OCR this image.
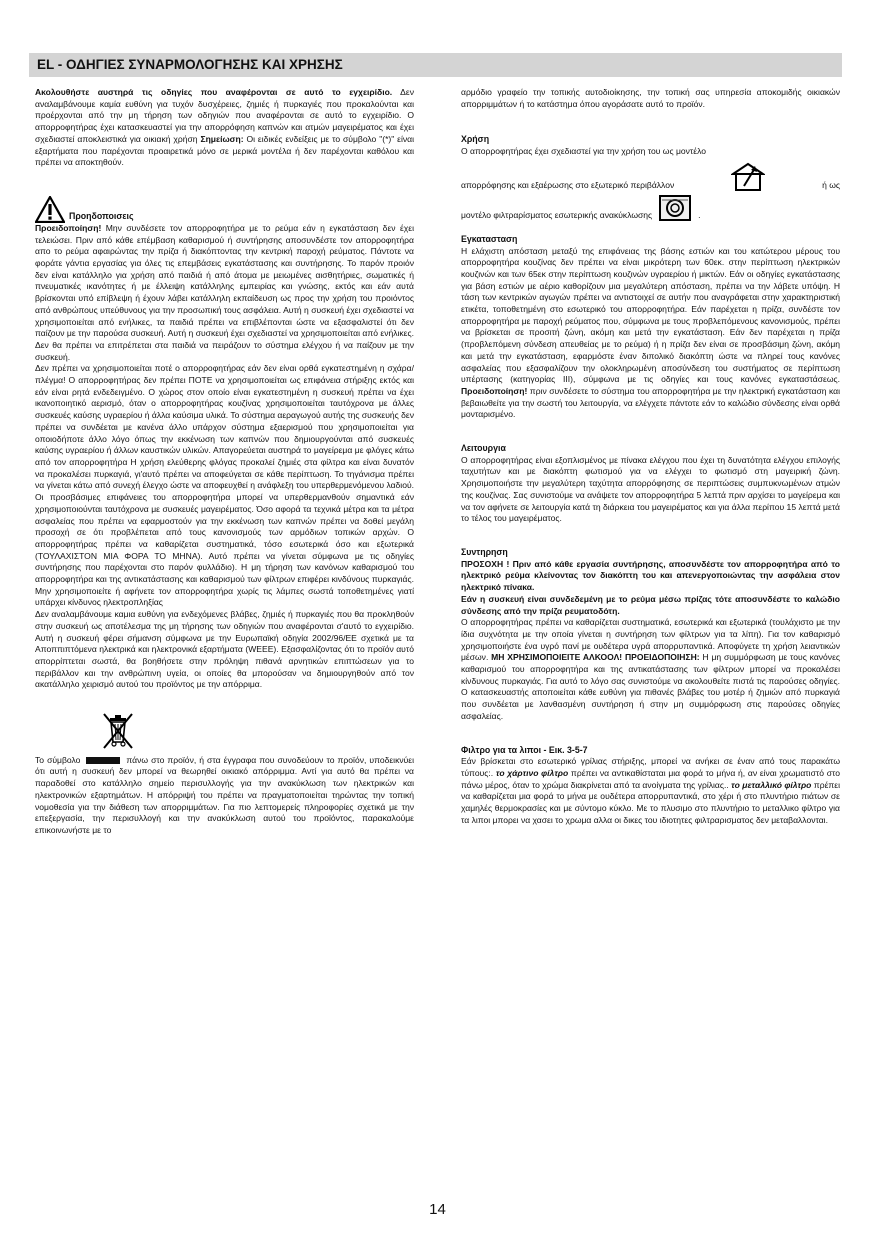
EL - ΟΔΗΓΙΕΣ ΣΥΝΑΡΜΟΛΟΓΗΣΗΣ ΚΑΙ ΧΡΗΣΗΣ

Ακολουθήστε αυστηρά τις οδηγίες που αναφέρονται σε αυτό το εγχειρίδιο. Δεν αναλαμβάνουμε καμία ευθύνη για τυχόν δυσχέρειες, ζημιές ή πυρκαγιές που προκαλούνται και προέρχονται από την μη τήρηση των οδηγιών που αναφέρονται σε αυτό το εγχειρίδιο. Ο απορροφητήρας έχει κατασκευαστεί για την απορρόφηση καπνών και ατμών μαγειρέματος και έχει σχεδιαστεί αποκλειστικά για οικιακή χρήση Σημείωση: Οι ειδικές ενδείξεις με το σύμβολο "(*)" είναι εξαρτήματα που παρέχονται προαιρετικά μόνο σε μερικά μοντέλα ή δεν παρέχονται καθόλου και πρέπει να αποκτηθούν.

Προηδοποισεις

Προειδοποίηση! Μην συνδέσετε τον απορροφητήρα με το ρεύμα εάν η εγκατάσταση δεν έχει τελειώσει. Πριν από κάθε επέμβαση καθαρισμού ή συντήρησης αποσυνδέστε τον απορροφητήρα απο το ρεύμα αφαιρώντας την πρίζα ή διακόπτοντας την κεντρική παροχή ρεύματος. Πάντοτε να φοράτε γάντια εργασίας για όλες τις επεμβάσεις εγκατάστασης και συντήρησης. Το παρόν προιόν δεν είναι κατάλληλο για χρήση από παιδιά ή από άτομα με μειωμένες αισθητήριες, σωματικές ή πνευματικές ικανότητες ή με έλλειψη κατάλληλης εμπειρίας και γνώσης, εκτός και εάν αυτά βρίσκονται υπό επίβλεψη ή έχουν λάβει κατάλληλη εκπαίδευση ως προς την χρήση του προιόντος από ανθρώπους υπεύθυνους για την προσωπική τους ασφάλεια. Αυτή η συσκευή έχει σχεδιαστεί να χρησιμοποιείται από ενήλικες, τα παιδιά πρέπει να επιβλέπονται ώστε να εξασφαλιστεί ότι δεν παίζουν με την παρούσα συσκευή. Αυτή η συσκευή έχει σχεδιαστεί να χρησιμοποιείται από ενήλικες. Δεν θα πρέπει να επιτρέπεται στα παιδιά να πειράζουν το σύστημα ελέγχου ή να παίζουν με την συσκευή.

Δεν πρέπει να χρησιμοποιείται ποτέ ο απορροφητήρας εάν δεν είναι ορθά εγκατεστημένη η σχάρα/πλέγμα! Ο απορροφητήρας δεν πρέπει ΠΟΤΕ να χρησιμοποιείται ως επιφάνεια στήριξης εκτός και εάν είναι ρητά ενδεδειγμένο. Ο χώρος στον οποίο είναι εγκατεστημένη η συσκευή πρέπει να έχει ικανοποιητικό αερισμό, όταν ο απορροφητήρας κουζίνας χρησιμοποιείται ταυτόχρονα με άλλες συσκευές καύσης υγραερίου ή άλλα καύσιμα υλικά. Το σύστημα αεραγωγού αυτής της συσκευής δεν πρέπει να συνδέεται με κανένα άλλο υπάρχον σύστημα εξαερισμού που χρησιμοποιείται για οποιοδήποτε άλλο λόγο όπως την εκκένωση των καπνών που δημιουργούνται από συσκευές καύσης υγραερίου ή άλλων καυστικών υλικών. Απαγορεύεται αυστηρά το μαγείρεμα με φλόγες κάτω από τον απορροφητήρα Η χρήση ελεύθερης φλόγας προκαλεί ζημιές στα φίλτρα και είναι δυνατόν να προκαλέσει πυρκαγιά, γι'αυτό πρέπει να αποφεύγεται σε κάθε περίπτωση. Το τηγάνισμα πρέπει να γίνεται κάτω από συνεχή έλεγχο ώστε να αποφευχθεί η ανάφλεξη του υπερθερμενόμενου λαδιού. Οι προσβάσιμες επιφάνειες του απορροφητήρα μπορεί να υπερθερμανθούν σημαντικά εάν χρησιμοποιούνται ταυτόχρονα με συσκευές μαγειρέματος. Όσο αφορά τα τεχνικά μέτρα και τα μέτρα ασφαλείας που πρέπει να εφαρμοστούν για την εκκένωση των καπνών πρέπει να δοθεί μεγάλη προσοχή σε ότι προβλέπεται από τους κανονισμούς των αρμόδιων τοπικών αρχών. Ο απορροφητήρας πρέπει να καθαρίζεται συστηματικά, τόσο εσωτερικά όσο και εξωτερικά (ΤΟΥΛΑΧΙΣΤΟΝ ΜΙΑ ΦΟΡΑ ΤΟ ΜΗΝΑ). Αυτό πρέπει να γίνεται σύμφωνα με τις οδηγίες συντήρησης που παρέχονται στο παρόν φυλλάδιο). Η μη τήρηση των κανόνων καθαρισμού του απορροφητήρα και της αντικατάστασης και καθαρισμού των φίλτρων επιφέρει κινδύνους πυρκαγιάς. Μην χρησιμοποιείτε ή αφήνετε τον απορροφητήρα χωρίς τις λάμπες σωστά τοποθετημένες γιατί υπάρχει κίνδυνος ηλεκτροπληξίας

Δεν αναλαμβάνουμε καμια ευθύνη για ενδεχόμενες βλάβες, ζημιές ή πυρκαγιές που θα προκληθούν στην συσκευή ως αποτέλεσμα της μη τήρησης των οδηγιών που αναφέρονται σ'αυτό το εγχειρίδιο. Αυτή η συσκευή φέρει σήμανση σύμφωνα με την Ευρωπαϊκή οδηγία 2002/96/ΕΕ σχετικά με τα Αποππιπτόμενα ηλεκτρικά και ηλεκτρονικά εξαρτήματα (WEEE). Εξασφαλίζοντας ότι το προϊόν αυτό απορρίπτεται σωστά, θα βοηθήσετε στην πρόληψη πιθανά αρνητικών επιπτώσεων για το περιβάλλον και την ανθρώπινη υγεία, οι οποίες θα μπορούσαν να δημιουργηθούν από τον ακατάλληλο χειρισμό αυτού του προϊόντος με την απόρριμα.

Το σύμβολο	πάνω στο προϊόν, ή στα έγγραφα που συνοδεύουν το προϊόν, υποδεικνύει ότι αυτή η συσκευή δεν μπορεί να θεωρηθεί οικιακό απόρριμμα. Αντί για αυτό θα πρέπει να παραδοθεί στο κατάλληλο σημείο περισυλλογής για την ανακύκλωση των ηλεκτρικών και ηλεκτρονικών εξαρτημάτων. Η απόρριψή του πρέπει να πραγματοποιείται τηρώντας την τοπική νομοθεσία για την διάθεση των απορριμμάτων. Για πιο λεπτομερείς πληροφορίες σχετικά με την επεξεργασία, την περισυλλογή και την ανακύκλωση αυτού του προϊόντος, παρακαλούμε επικοινωνήστε με το

αρμόδιο γραφείο την τοπικής αυτοδιοίκησης, την τοπική σας υπηρεσία αποκομιδής οικιακών απορριμμάτων ή το κατάστημα όπου αγοράσατε αυτό το προϊόν.

Χρήση

Ο απορροφητήρας έχει σχεδιαστεί για την χρήση του ως μοντέλο

απορρόφησης και εξαέρωσης στο εξωτερικό περιβάλλον	ή ως
μοντέλο φιλτραρίσματος εσωτερικής ανακύκλωσης	.
Εγκατασταση

Η ελάχιστη απόσταση μεταξύ της επιφάνειας της βάσης εστιών και του κατώτερου μέρους του απορροφητήρα κουζίνας δεν πρέπει να είναι μικρότερη των 60εκ. στην περίπτωση ηλεκτρικών κουζινών και των 65εκ στην περίπτωση κουζινών υγραερίου ή μικτών. Εάν οι οδηγίες εγκατάστασης για βάση εστιών με αέριο καθορίζουν μια μεγαλύτερη απόσταση, πρέπει να την λάβετε υπόψη. Η τάση των κεντρικών αγωγών πρέπει να αντιστοιχεί σε αυτήν που αναγράφεται στην χαρακτηριστική ετικέτα, τοποθετημένη στο εσωτερικό του απορροφητήρα. Εάν παρέχεται η πρίζα, συνδέστε τον απορροφητήρα με παροχή ρεύματος που, σύμφωνα με τους προβλεπόμενους κανονισμούς, πρέπει να βρίσκεται σε προσιτή ζώνη, ακόμη και μετά την εγκατάσταση. Εάν δεν παρέχεται η πρίζα (προβλεπόμενη σύνδεση απευθείας με το ρεύμα) ή η πρίζα δεν είναι σε προσβάσιμη ζώνη, ακόμη και μετά την εγκατάσταση, εφαρμόστε έναν διπολικό διακόπτη ώστε να πληρεί τους κανόνες ασφαλείας που εξασφαλίζουν την ολοκληρωμένη αποσύνδεση του συστήματος σε περίπτωση υπέρτασης (κατηγορίας III), σύμφωνα με τις οδηγίες και τους κανόνες εγκαταστάσεως. Προειδοποίηση! πριν συνδέσετε το σύστημα του απορροφητήρα με την ηλεκτρική εγκατάσταση και βεβαιωθείτε για την σωστή του λειτουργία, να ελέγχετε πάντοτε εάν το καλώδιο σύνδεσης είναι ορθά μονταρισμένο.

Λειτουργια

Ο απορροφητήρας είναι εξοπλισμένος με πίνακα ελέγχου που έχει τη δυνατότητα ελέγχου επιλογής ταχυτήτων και με διακόπτη φωτισμού για να ελέγχει το φωτισμό στη μαγειρική ζώνη. Χρησιμοποιήστε την μεγαλύτερη ταχύτητα απορρόφησης σε περιπτώσεις συμπυκνωμένων ατμών της κουζίνας. Σας συνιστούμε να ανάψετε τον απορροφητήρα 5 λεπτά πριν αρχίσει το μαγείρεμα και να τον αφήνετε σε λειτουργία κατά τη διάρκεια του μαγειρέματος και για άλλα περίπου 15 λεπτά μετά το τέλος του μαγειρέματος.

Συντηρηση

ΠΡΟΣΟΧΗ ! Πριν από κάθε εργασία συντήρησης, αποσυνδέστε τον απορροφητήρα από το ηλεκτρικό ρεύμα κλείνοντας τον διακόπτη του και απενεργοποιώντας την ασφάλεια στον ηλεκτρικό πίνακα.

Εάν η συσκευή είναι συνδεδεμένη με το ρεύμα μέσω πρίζας τότε αποσυνδέστε το καλώδιο σύνδεσης από την πρίζα ρευματοδότη.

Ο απορροφητήρας πρέπει να καθαρίζεται συστηματικά, εσωτερικά και εξωτερικά (τουλάχιστο με την ίδια συχνότητα με την οποία γίνεται η συντήρηση των φίλτρων για τα λίπη). Για τον καθαρισμό χρησιμοποιήστε ένα υγρό πανί με ουδέτερα υγρά απορρυπαντικά. Αποφύγετε τη χρήση λειαντικών μέσων. ΜΗ ΧΡΗΣΙΜΟΠΟΙΕΙΤΕ ΑΛΚΟΟΛ! ΠΡΟΕΙΔΟΠΟΙΗΣΗ: Η μη συμμόρφωση με τους κανόνες καθαρισμού του απορροφητήρα και της αντικατάστασης των φίλτρων μπορεί να προκαλέσει κίνδυνους πυρκαγιάς. Για αυτό το λόγο σας συνιστούμε να ακολουθείτε πιστά τις παρούσες οδηγίες. Ο κατασκευαστής αποποιείται κάθε ευθύνη για πιθανές βλάβες του μοτέρ ή ζημιών από πυρκαγιά που συνδέεται με λανθασμένη συντήρηση ή στην μη συμμόρφωση στις παρούσες οδηγίες ασφαλείας.

Φιλτρο για τα λιποι - Εικ. 3-5-7

Εάν βρίσκεται στο εσωτερικό γρίλιας στήριξης, μπορεί να ανήκει σε έναν από τους παρακάτω τύπους:. το χάρτινο φίλτρο πρέπει να αντικαθίσταται μια φορά το μήνα ή, αν είναι χρωματιστό στο πάνω μέρος, όταν το χρώμα διακρίνεται από τα ανοίγματα της γρίλιας.. το μεταλλικό φίλτρο πρέπει να καθαρίζεται μια φορά το μήνα με ουδέτερα απορρυπαντικά, στο χέρι ή στο πλυντήριο πιάτων σε χαμηλές θερμοκρασίες και με σύντομο κύκλο. Με το πλυσιμο στο πλυντήριο το μεταλλικο φίλτρο για τα λιποι μπορει να χασει το χρωμα αλλα οι δικες του ιδιοτητες φιλτραρισματος δεν μεταβαλλονται.

14
